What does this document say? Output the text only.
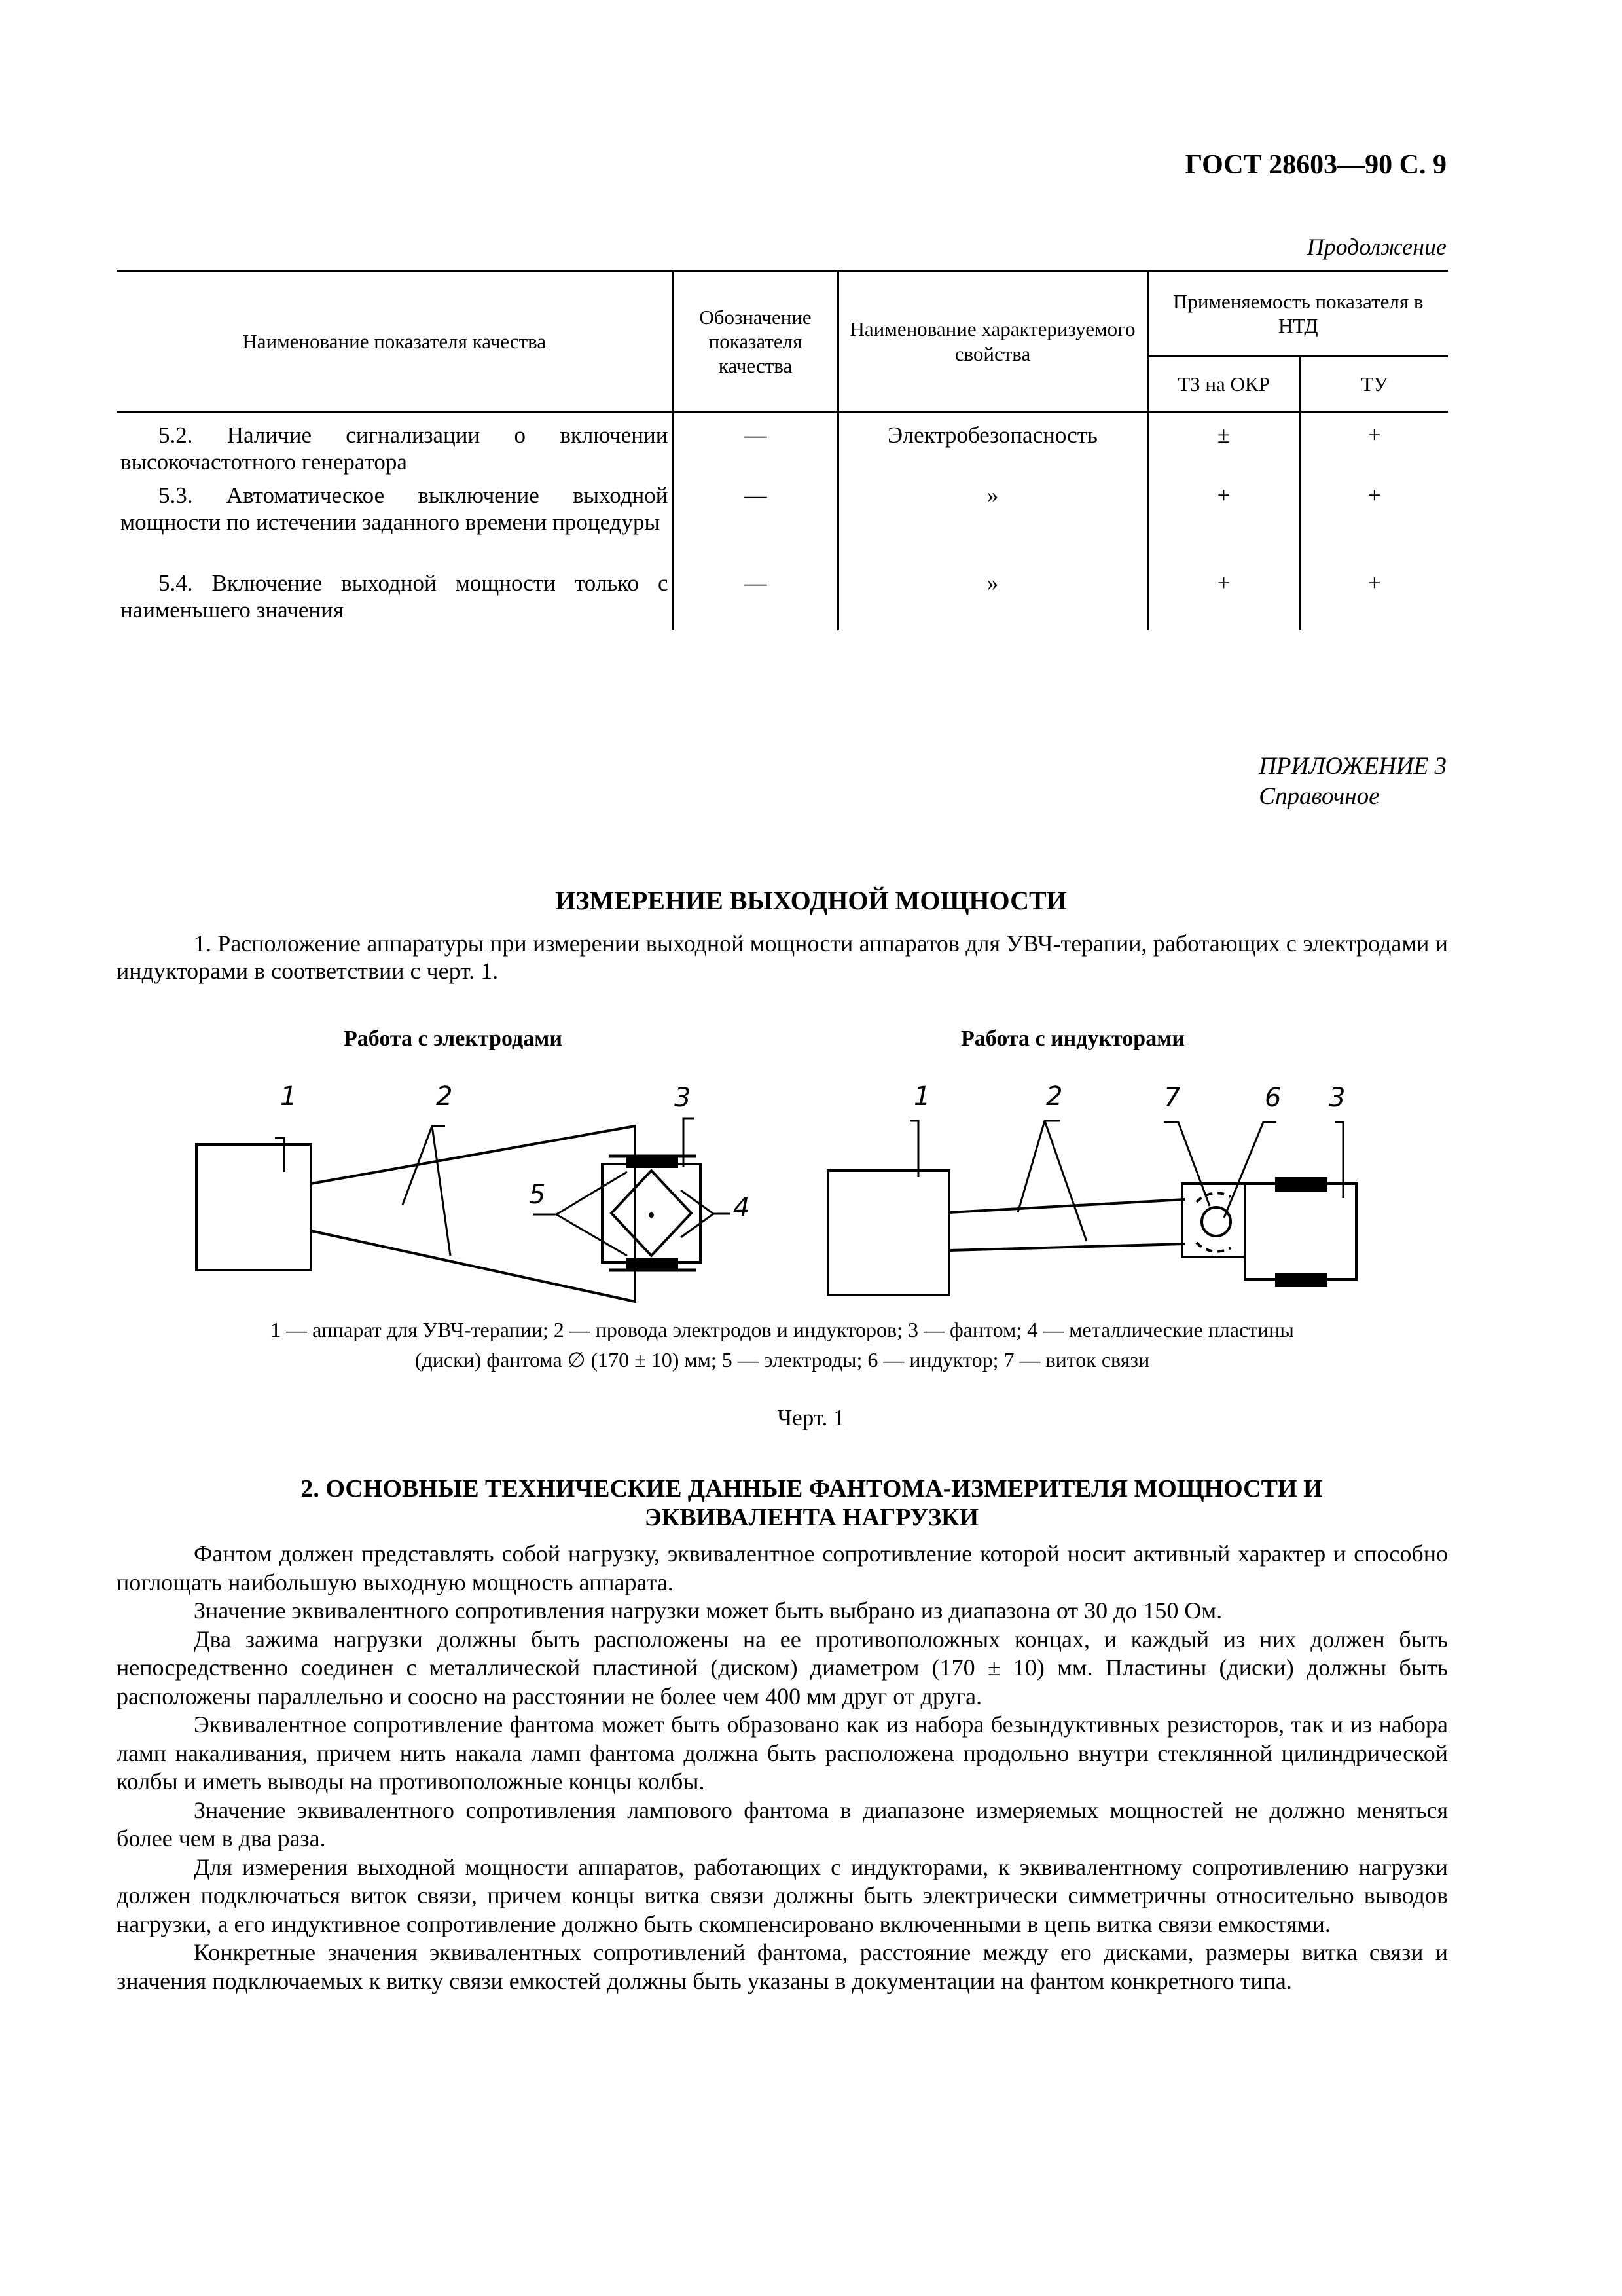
ГОСТ 28603—90 С. 9
Продолжение
Наименование показателя качества	Обозначение показателя качества	Наименование характеризуемого свойства	Применяемость показателя в НТД	
			ТЗ на ОКР	ТУ
5.2. Наличие сигнализации о включении высокочастотного генератора	—	Электробезопасность	±	+
5.3. Автоматическое выключение выходной мощности по истечении заданного времени процедуры	—	»	+	+
5.4. Включение выходной мощности только с наименьшего значения	—	»	+	+
ПРИЛОЖЕНИЕ 3
Справочное
ИЗМЕРЕНИЕ ВЫХОДНОЙ МОЩНОСТИ
1. Расположение аппаратуры при измерении выходной мощности аппаратов для УВЧ-терапии, работающих с электродами и индукторами в соответствии с черт. 1.
Работа с электродами	Работа с индукторами
1	2	3
5	4
1	2	7	6 3
1 — аппарат для УВЧ-терапии; 2 — провода электродов и индукторов; 3 — фантом; 4 — металлические пластины
(диски) фантома ∅ (170 ± 10) мм; 5 — электроды; 6 — индуктор; 7 — виток связи
Черт. 1
2. ОСНОВНЫЕ ТЕХНИЧЕСКИЕ ДАННЫЕ ФАНТОМА-ИЗМЕРИТЕЛЯ МОЩНОСТИ И ЭКВИВАЛЕНТА НАГРУЗКИ

Фантом должен представлять собой нагрузку, эквивалентное сопротивление которой носит активный характер и способно поглощать наибольшую выходную мощность аппарата.

Значение эквивалентного сопротивления нагрузки может быть выбрано из диапазона от 30 до 150 Ом.

Два зажима нагрузки должны быть расположены на ее противоположных концах, и каждый из них должен быть непосредственно соединен с металлической пластиной (диском) диаметром (170 ± 10) мм. Пластины (диски) должны быть расположены параллельно и соосно на расстоянии не более чем 400 мм друг от друга.

Эквивалентное сопротивление фантома может быть образовано как из набора безындуктивных резисторов, так и из набора ламп накаливания, причем нить накала ламп фантома должна быть расположена продольно внутри стеклянной цилиндрической колбы и иметь выводы на противоположные концы колбы.

Значение эквивалентного сопротивления лампового фантома в диапазоне измеряемых мощностей не должно меняться более чем в два раза.

Для измерения выходной мощности аппаратов, работающих с индукторами, к эквивалентному сопротивлению нагрузки должен подключаться виток связи, причем концы витка связи должны быть электрически симметричны относительно выводов нагрузки, а его индуктивное сопротивление должно быть скомпенсировано включенными в цепь витка связи емкостями.

Конкретные значения эквивалентных сопротивлений фантома, расстояние между его дисками, размеры витка связи и значения подключаемых к витку связи емкостей должны быть указаны в документации на фантом конкретного типа.
